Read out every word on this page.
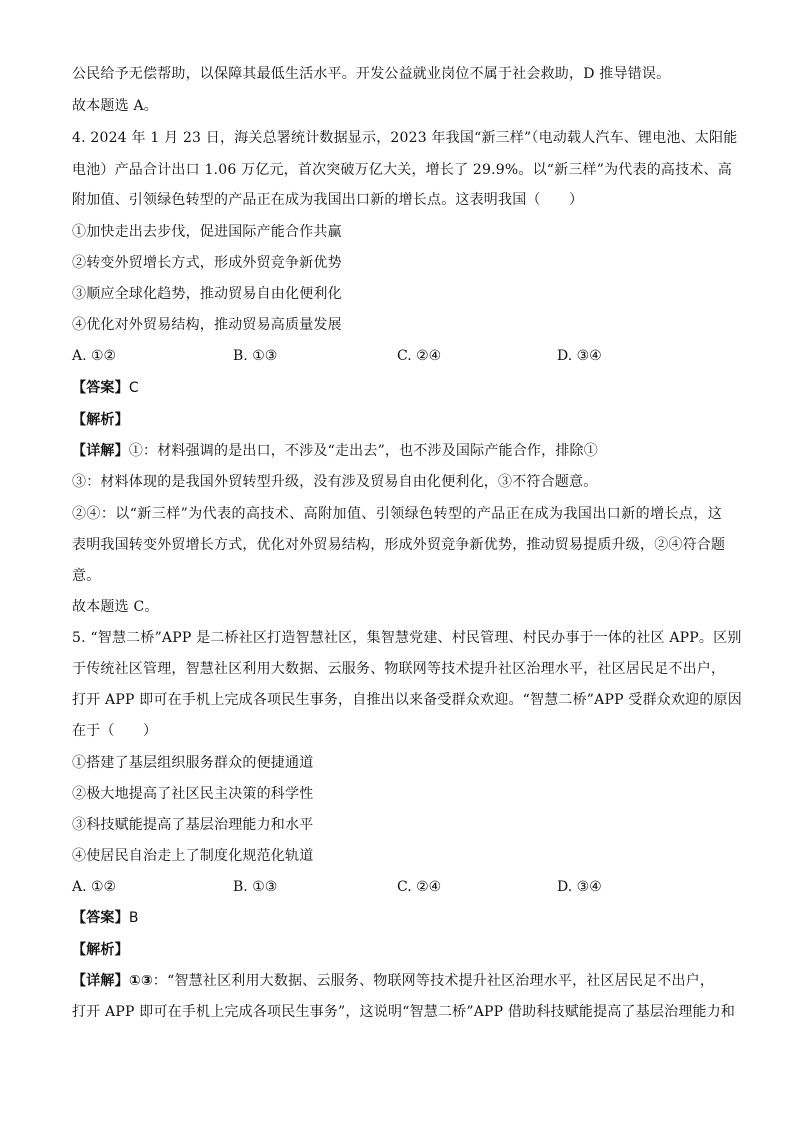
公民给予无偿帮助，以保障其最低生活水平。开发公益就业岗位不属于社会救助，D 推导错误。
故本题选 A。
4. 2024 年 1 月 23 日，海关总署统计数据显示，2023 年我国“新三样”（电动载人汽车、锂电池、太阳能
电池）产品合计出口 1.06 万亿元，首次突破万亿大关，增长了 29.9%。以“新三样”为代表的高技术、高
附加值、引领绿色转型的产品正在成为我国出口新的增长点。这表明我国（　　）
①加快走出去步伐，促进国际产能合作共赢
②转变外贸增长方式，形成外贸竞争新优势
③顺应全球化趋势，推动贸易自由化便利化
④优化对外贸易结构，推动贸易高质量发展
A. ①②	B. ①③	C. ②④	D. ③④
【答案】C
【解析】
【详解】①：材料强调的是出口，不涉及“走出去”，也不涉及国际产能合作，排除①
③：材料体现的是我国外贸转型升级，没有涉及贸易自由化便利化，③不符合题意。
②④：以“新三样”为代表的高技术、高附加值、引领绿色转型的产品正在成为我国出口新的增长点，这
表明我国转变外贸增长方式，优化对外贸易结构，形成外贸竞争新优势，推动贸易提质升级，②④符合题
意。
故本题选 C。
5. “智慧二桥”APP 是二桥社区打造智慧社区，集智慧党建、村民管理、村民办事于一体的社区 APP。区别
于传统社区管理，智慧社区利用大数据、云服务、物联网等技术提升社区治理水平，社区居民足不出户，
打开 APP 即可在手机上完成各项民生事务，自推出以来备受群众欢迎。“智慧二桥”APP 受群众欢迎的原因
在于（　　）
①搭建了基层组织服务群众的便捷通道
②极大地提高了社区民主决策的科学性
③科技赋能提高了基层治理能力和水平
④使居民自治走上了制度化规范化轨道
A. ①②	B. ①③	C. ②④	D. ③④
【答案】B
【解析】
【详解】①③：“智慧社区利用大数据、云服务、物联网等技术提升社区治理水平，社区居民足不出户，
打开 APP 即可在手机上完成各项民生事务”，这说明“智慧二桥”APP 借助科技赋能提高了基层治理能力和
